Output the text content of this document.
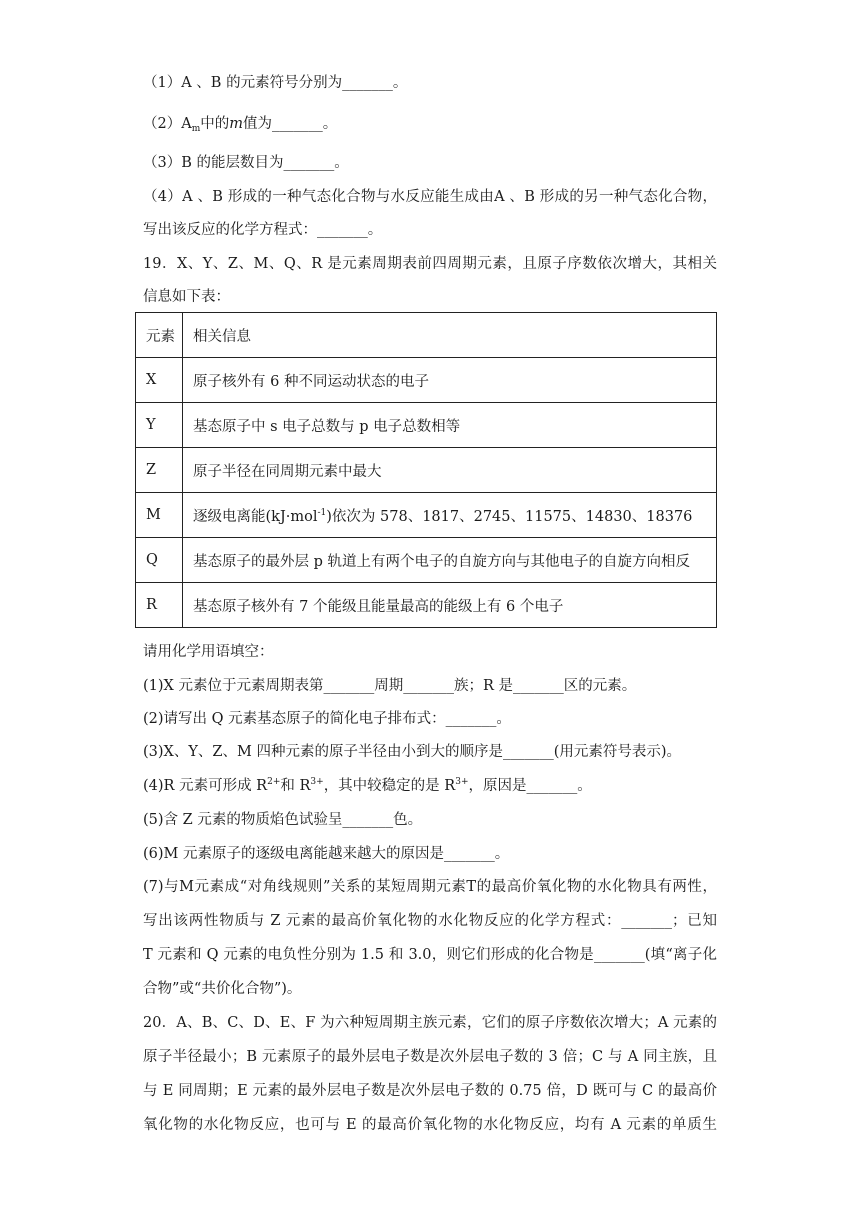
（1）A 、B 的元素符号分别为_______。
$(2)A_m$中的m值为_______。
（3）B 的能层数目为_______。
（4）A 、B 形成的一种气态化合物与水反应能生成由A 、B 形成的另一种气态化合物，
写出该反应的化学方程式：_______。
19．X、Y、Z、M、Q、R 是元素周期表前四周期元素，且原子序数依次增大，其相关
信息如下表：
元素	相关信息
X	原子核外有 6 种不同运动状态的电子
Y	基态原子中 s 电子总数与 p 电子总数相等
Z	原子半径在同周期元素中最大
M	逐级电离能(kJ·mol$^{-1}$)依次为 578、1817、2745、11575、14830、18376
Q	基态原子的最外层 p 轨道上有两个电子的自旋方向与其他电子的自旋方向相反
R	基态原子核外有 7 个能级且能量最高的能级上有 6 个电子
请用化学用语填空：
(1)X 元素位于元素周期表第_______周期_______族；R 是_______区的元素。
(2)请写出 Q 元素基态原子的简化电子排布式：_______。
(3)X、Y、Z、M 四种元素的原子半径由小到大的顺序是_______(用元素符号表示)。
(4)R 元素可形成 $R^{2+}$和 $R^{3+}$，其中较稳定的是 $R^{3+}$，原因是_______。
(5)含 Z 元素的物质焰色试验呈_______色。
(6)M 元素原子的逐级电离能越来越大的原因是_______。
(7)与M元素成“对角线规则”关系的某短周期元素T的最高价氧化物的水化物具有两性，
写出该两性物质与 Z 元素的最高价氧化物的水化物反应的化学方程式：_______；已知
T 元素和 Q 元素的电负性分别为 1.5 和 3.0，则它们形成的化合物是_______(填“离子化
合物”或“共价化合物”)。
20．A、B、C、D、E、F 为六种短周期主族元素，它们的原子序数依次增大；A 元素的
原子半径最小；B 元素原子的最外层电子数是次外层电子数的 3 倍；C 与 A 同主族，且
与 E 同周期；E 元素的最外层电子数是次外层电子数的 0.75 倍，D 既可与 C 的最高价
氧化物的水化物反应，也可与 E 的最高价氧化物的水化物反应，均有 A 元素的单质生
